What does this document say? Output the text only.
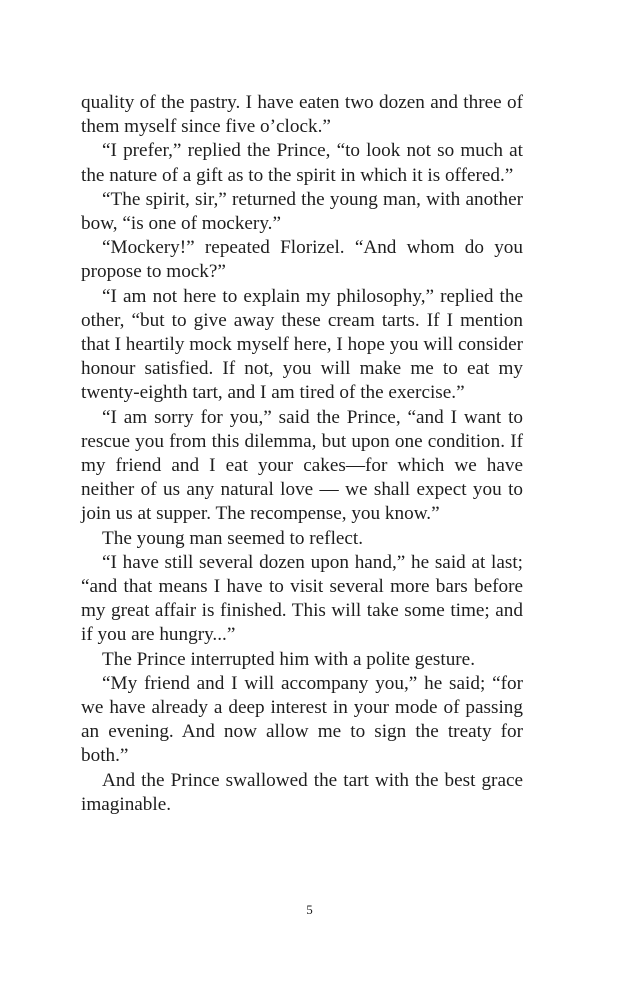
quality of the pastry. I have eaten two dozen and three of them myself since five o’clock.”

“I prefer,” replied the Prince, “to look not so much at the nature of a gift as to the spirit in which it is offered.”

“The spirit, sir,” returned the young man, with another bow, “is one of mockery.”

“Mockery!” repeated Florizel. “And whom do you propose to mock?”

“I am not here to explain my philosophy,” replied the other, “but to give away these cream tarts. If I mention that I heartily mock myself here, I hope you will consider honour satisfied. If not, you will make me to eat my twenty-eighth tart, and I am tired of the exercise.”

“I am sorry for you,” said the Prince, “and I want to rescue you from this dilemma, but upon one condition. If my friend and I eat your cakes—for which we have neither of us any natural love — we shall expect you to join us at supper. The recompense, you know.”

The young man seemed to reflect.

“I have still several dozen upon hand,” he said at last; “and that means I have to visit several more bars before my great affair is finished. This will take some time; and if you are hungry...”

The Prince interrupted him with a polite gesture.

“My friend and I will accompany you,” he said; “for we have already a deep interest in your mode of passing an evening. And now allow me to sign the treaty for both.”

And the Prince swallowed the tart with the best grace imaginable.

5
